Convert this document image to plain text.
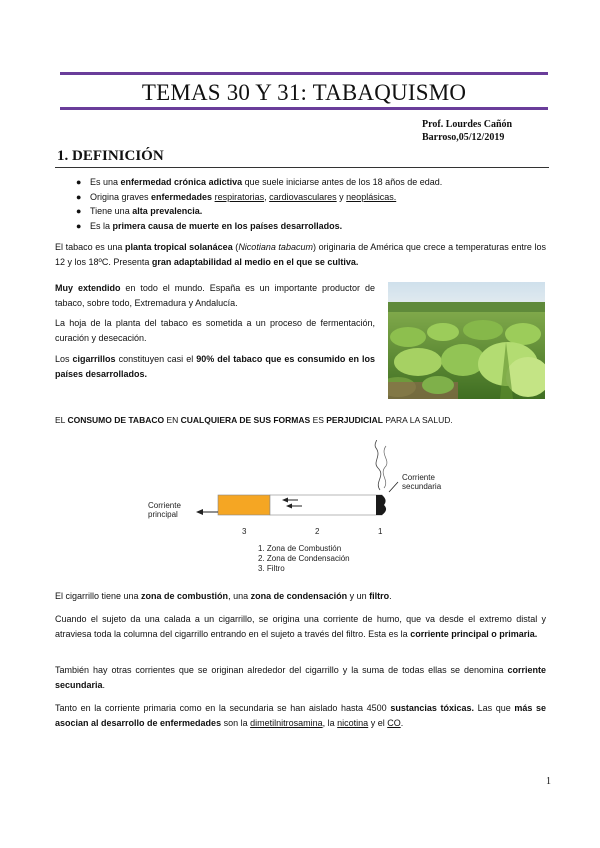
TEMAS 30 Y 31: TABAQUISMO
Prof. Lourdes Cañón
Barroso,05/12/2019
1. DEFINICIÓN
● Es una enfermedad crónica adictiva que suele iniciarse antes de los 18 años de edad.
● Origina graves enfermedades respiratorias, cardiovasculares y neoplásicas.
● Tiene una alta prevalencia.
● Es la primera causa de muerte en los países desarrollados.
El tabaco es una planta tropical solanácea (Nicotiana tabacum) originaria de América que crece a temperaturas entre los 12 y los 18ºC. Presenta gran adaptabilidad al medio en el que se cultiva.
Muy extendido en todo el mundo. España es un importante productor de tabaco, sobre todo, Extremadura y Andalucía.
La hoja de la planta del tabaco es sometida a un proceso de fermentación, curación y desecación.
Los cigarrillos constituyen casi el 90% del tabaco que es consumido en los países desarrollados.
EL CONSUMO DE TABACO EN CUALQUIERA DE SUS FORMAS ES PERJUDICIAL PARA LA SALUD.
Corriente
principal
Corriente
secundaria
3	2	1
1. Zona de Combustión
2. Zona de Condensación
3. Filtro
El cigarrillo tiene una zona de combustión, una zona de condensación y un filtro.
Cuando el sujeto da una calada a un cigarrillo, se origina una corriente de humo, que va desde el extremo distal y atraviesa toda la columna del cigarrillo entrando en el sujeto a través del filtro. Esta es la corriente principal o primaria.
También hay otras corrientes que se originan alrededor del cigarrillo y la suma de todas ellas se denomina corriente secundaria.
Tanto en la corriente primaria como en la secundaria se han aislado hasta 4500 sustancias tóxicas. Las que más se asocian al desarrollo de enfermedades son la dimetilnitrosamina, la nicotina y el CO.
1
